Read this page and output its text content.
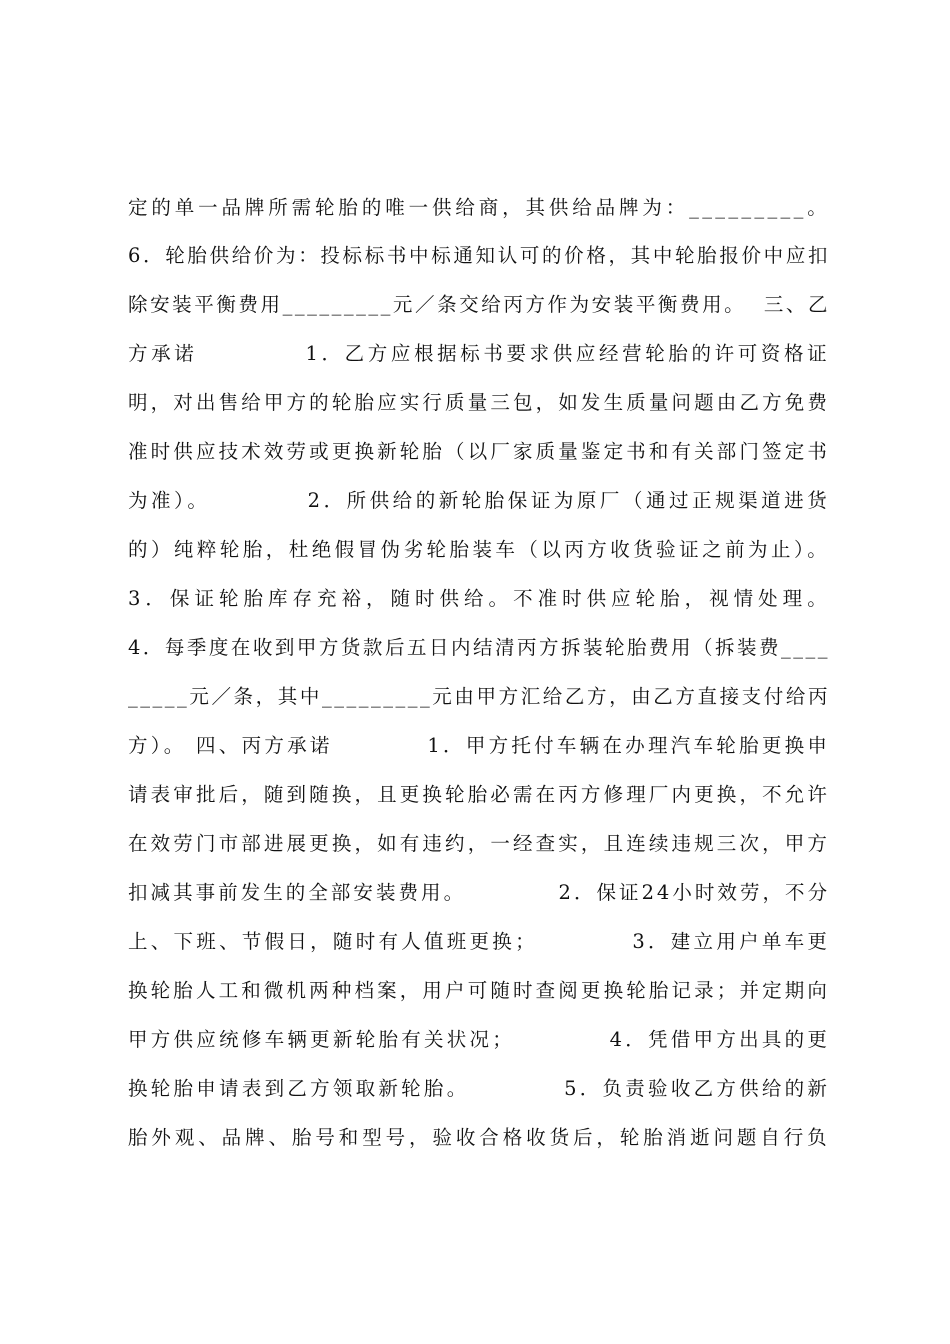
定的单一品牌所需轮胎的唯一供给商，其供给品牌为：_________。
6．轮胎供给价为：投标标书中标通知认可的价格，其中轮胎报价中应扣
除安装平衡费用_________元／条交给丙方作为安装平衡费用。  三、乙
方承诺           1．乙方应根据标书要求供应经营轮胎的许可资格证
明，对出售给甲方的轮胎应实行质量三包，如发生质量问题由乙方免费
准时供应技术效劳或更换新轮胎（以厂家质量鉴定书和有关部门签定书
为准）。          2．所供给的新轮胎保证为原厂（通过正规渠道进货
的）纯粹轮胎，杜绝假冒伪劣轮胎装车（以丙方收货验证之前为止）。
3．保证轮胎库存充裕，随时供给。不准时供应轮胎，视情处理。
4．每季度在收到甲方货款后五日内结清丙方拆装轮胎费用（拆装费____
_____元／条，其中_________元由甲方汇给乙方，由乙方直接支付给丙
方）。 四、丙方承诺          1．甲方托付车辆在办理汽车轮胎更换申
请表审批后，随到随换，且更换轮胎必需在丙方修理厂内更换，不允许
在效劳门市部进展更换，如有违约，一经查实，且连续违规三次，甲方
扣减其事前发生的全部安装费用。          2．保证24小时效劳，不分
上、下班、节假日，随时有人值班更换；          3．建立用户单车更
换轮胎人工和微机两种档案，用户可随时查阅更换轮胎记录；并定期向
甲方供应统修车辆更新轮胎有关状况；          4．凭借甲方出具的更
换轮胎申请表到乙方领取新轮胎。          5．负责验收乙方供给的新
胎外观、品牌、胎号和型号，验收合格收货后，轮胎消逝问题自行负
